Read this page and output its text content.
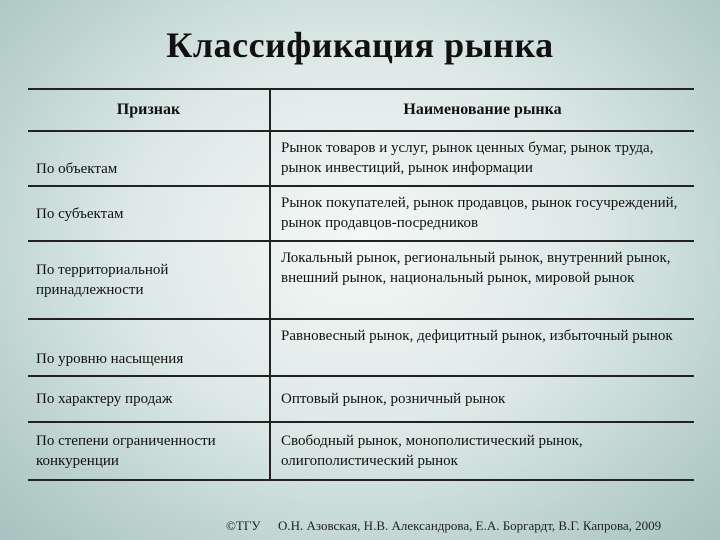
Классификация рынка
Признак	Наименование рынка
По объектам	Рынок товаров и услуг, рынок ценных бумаг, рынок труда, рынок инвестиций, рынок информации
По субъектам	Рынок покупателей, рынок продавцов, рынок госучреждений, рынок продавцов-посредников
По территориальной принадлежности	Локальный рынок, региональный рынок, внутренний рынок, внешний рынок, национальный рынок, мировой рынок
По уровню насыщения	Равновесный рынок, дефицитный рынок, избыточный рынок
По характеру продаж	Оптовый рынок, розничный рынок
По степени ограниченности конкуренции	Свободный рынок, монополистический рынок, олигополистический рынок
©ТГУ О.Н. Азовская, Н.В. Александрова, Е.А. Боргардт, В.Г. Капрова, 2009
